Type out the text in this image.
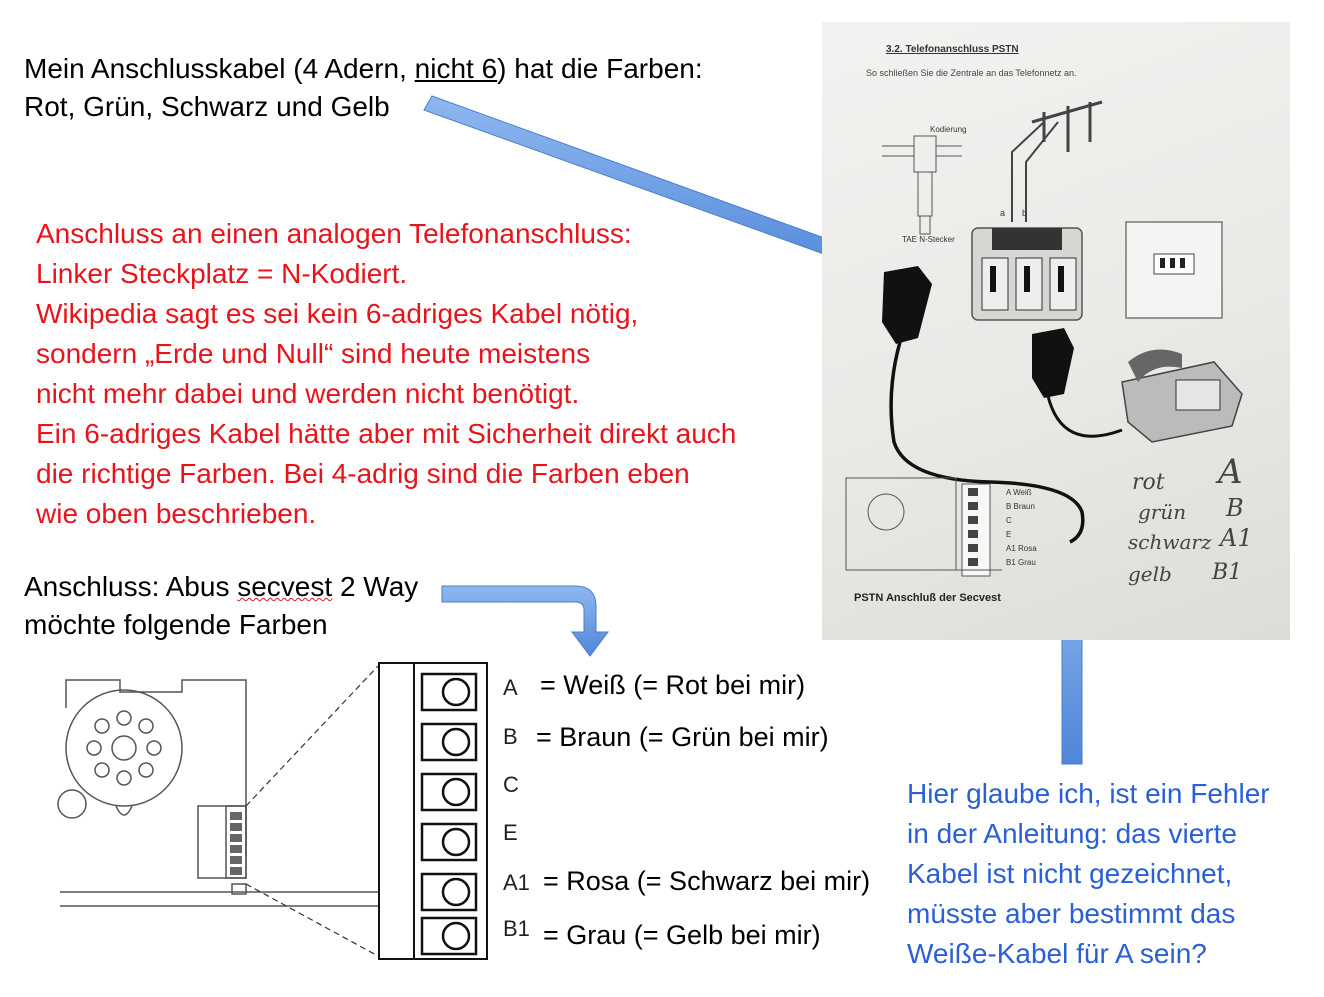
Mein Anschlusskabel (4 Adern, nicht 6) hat die Farben:
Rot, Grün, Schwarz und Gelb
Anschluss an einen analogen Telefonanschluss:
Linker Steckplatz = N-Kodiert.
Wikipedia sagt es sei kein 6-adriges Kabel nötig,
sondern „Erde und Null“ sind heute meistens
nicht mehr dabei und werden nicht benötigt.
Ein 6-adriges Kabel hätte aber mit Sicherheit direkt auch
die richtige Farben. Bei 4-adrig sind die Farben eben
wie oben beschrieben.
Anschluss: Abus secvest 2 Way
möchte folgende Farben
Hier glaube ich, ist ein Fehler
in der Anleitung: das vierte
Kabel ist nicht gezeichnet,
müsste aber bestimmt das
Weiße-Kabel für A sein?
3.2. Telefonanschluss PSTN
So schließen Sie die Zentrale an das Telefonnetz an.
Kodierung
TAE N-Stecker
a b
A Weiß
B Braun
C
E
A1 Rosa
B1 Grau
PSTN Anschluß der Secvest
rot A
grün B
schwarz A1
gelb B1
A = Weiß (= Rot bei mir)
B = Braun (= Grün bei mir)
C
E
A1 = Rosa (= Schwarz bei mir)
B1 = Grau (= Gelb bei mir)
